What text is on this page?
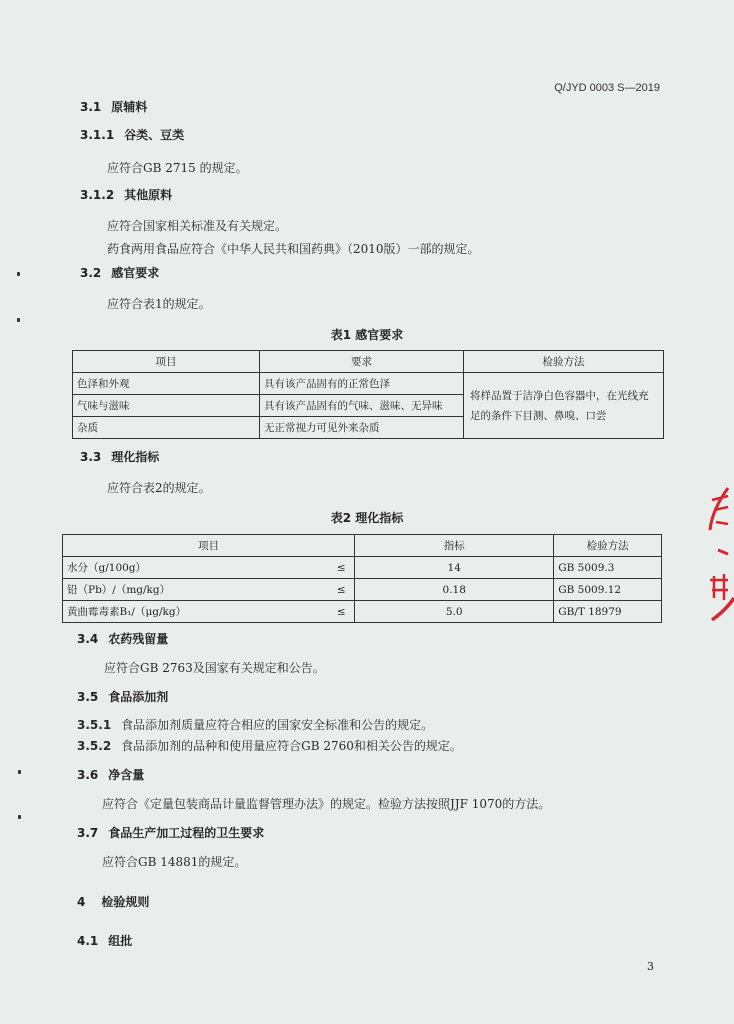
Q/JYD 0003 S—2019
3.1 原辅料
3.1.1 谷类、豆类
应符合GB 2715 的规定。
3.1.2 其他原料
应符合国家相关标准及有关规定。
药食两用食品应符合《中华人民共和国药典》（2010版）一部的规定。
3.2 感官要求
应符合表1的规定。
表1 感官要求
项目	要求	检验方法
色泽和外观	具有该产品固有的正常色泽	将样品置于洁净白色容器中，在光线充足的条件下目测、鼻嗅、口尝
气味与滋味	具有该产品固有的气味、滋味、无异味	
杂质	无正常视力可见外来杂质	
3.3 理化指标
应符合表2的规定。
表2 理化指标
项目		指标	检验方法
水分（g/100g）	≤	14	GB 5009.3
铅（Pb）/（mg/kg）	≤	0.18	GB 5009.12
黄曲霉毒素B₁/（μg/kg）	≤	5.0	GB/T 18979
3.4 农药残留量
应符合GB 2763及国家有关规定和公告。
3.5 食品添加剂
3.5.1 食品添加剂质量应符合相应的国家安全标准和公告的规定。
3.5.2 食品添加剂的品种和使用量应符合GB 2760和相关公告的规定。
3.6 净含量
应符合《定量包装商品计量监督管理办法》的规定。检验方法按照JJF 1070的方法。
3.7 食品生产加工过程的卫生要求
应符合GB 14881的规定。
4 检验规则
4.1 组批
3
